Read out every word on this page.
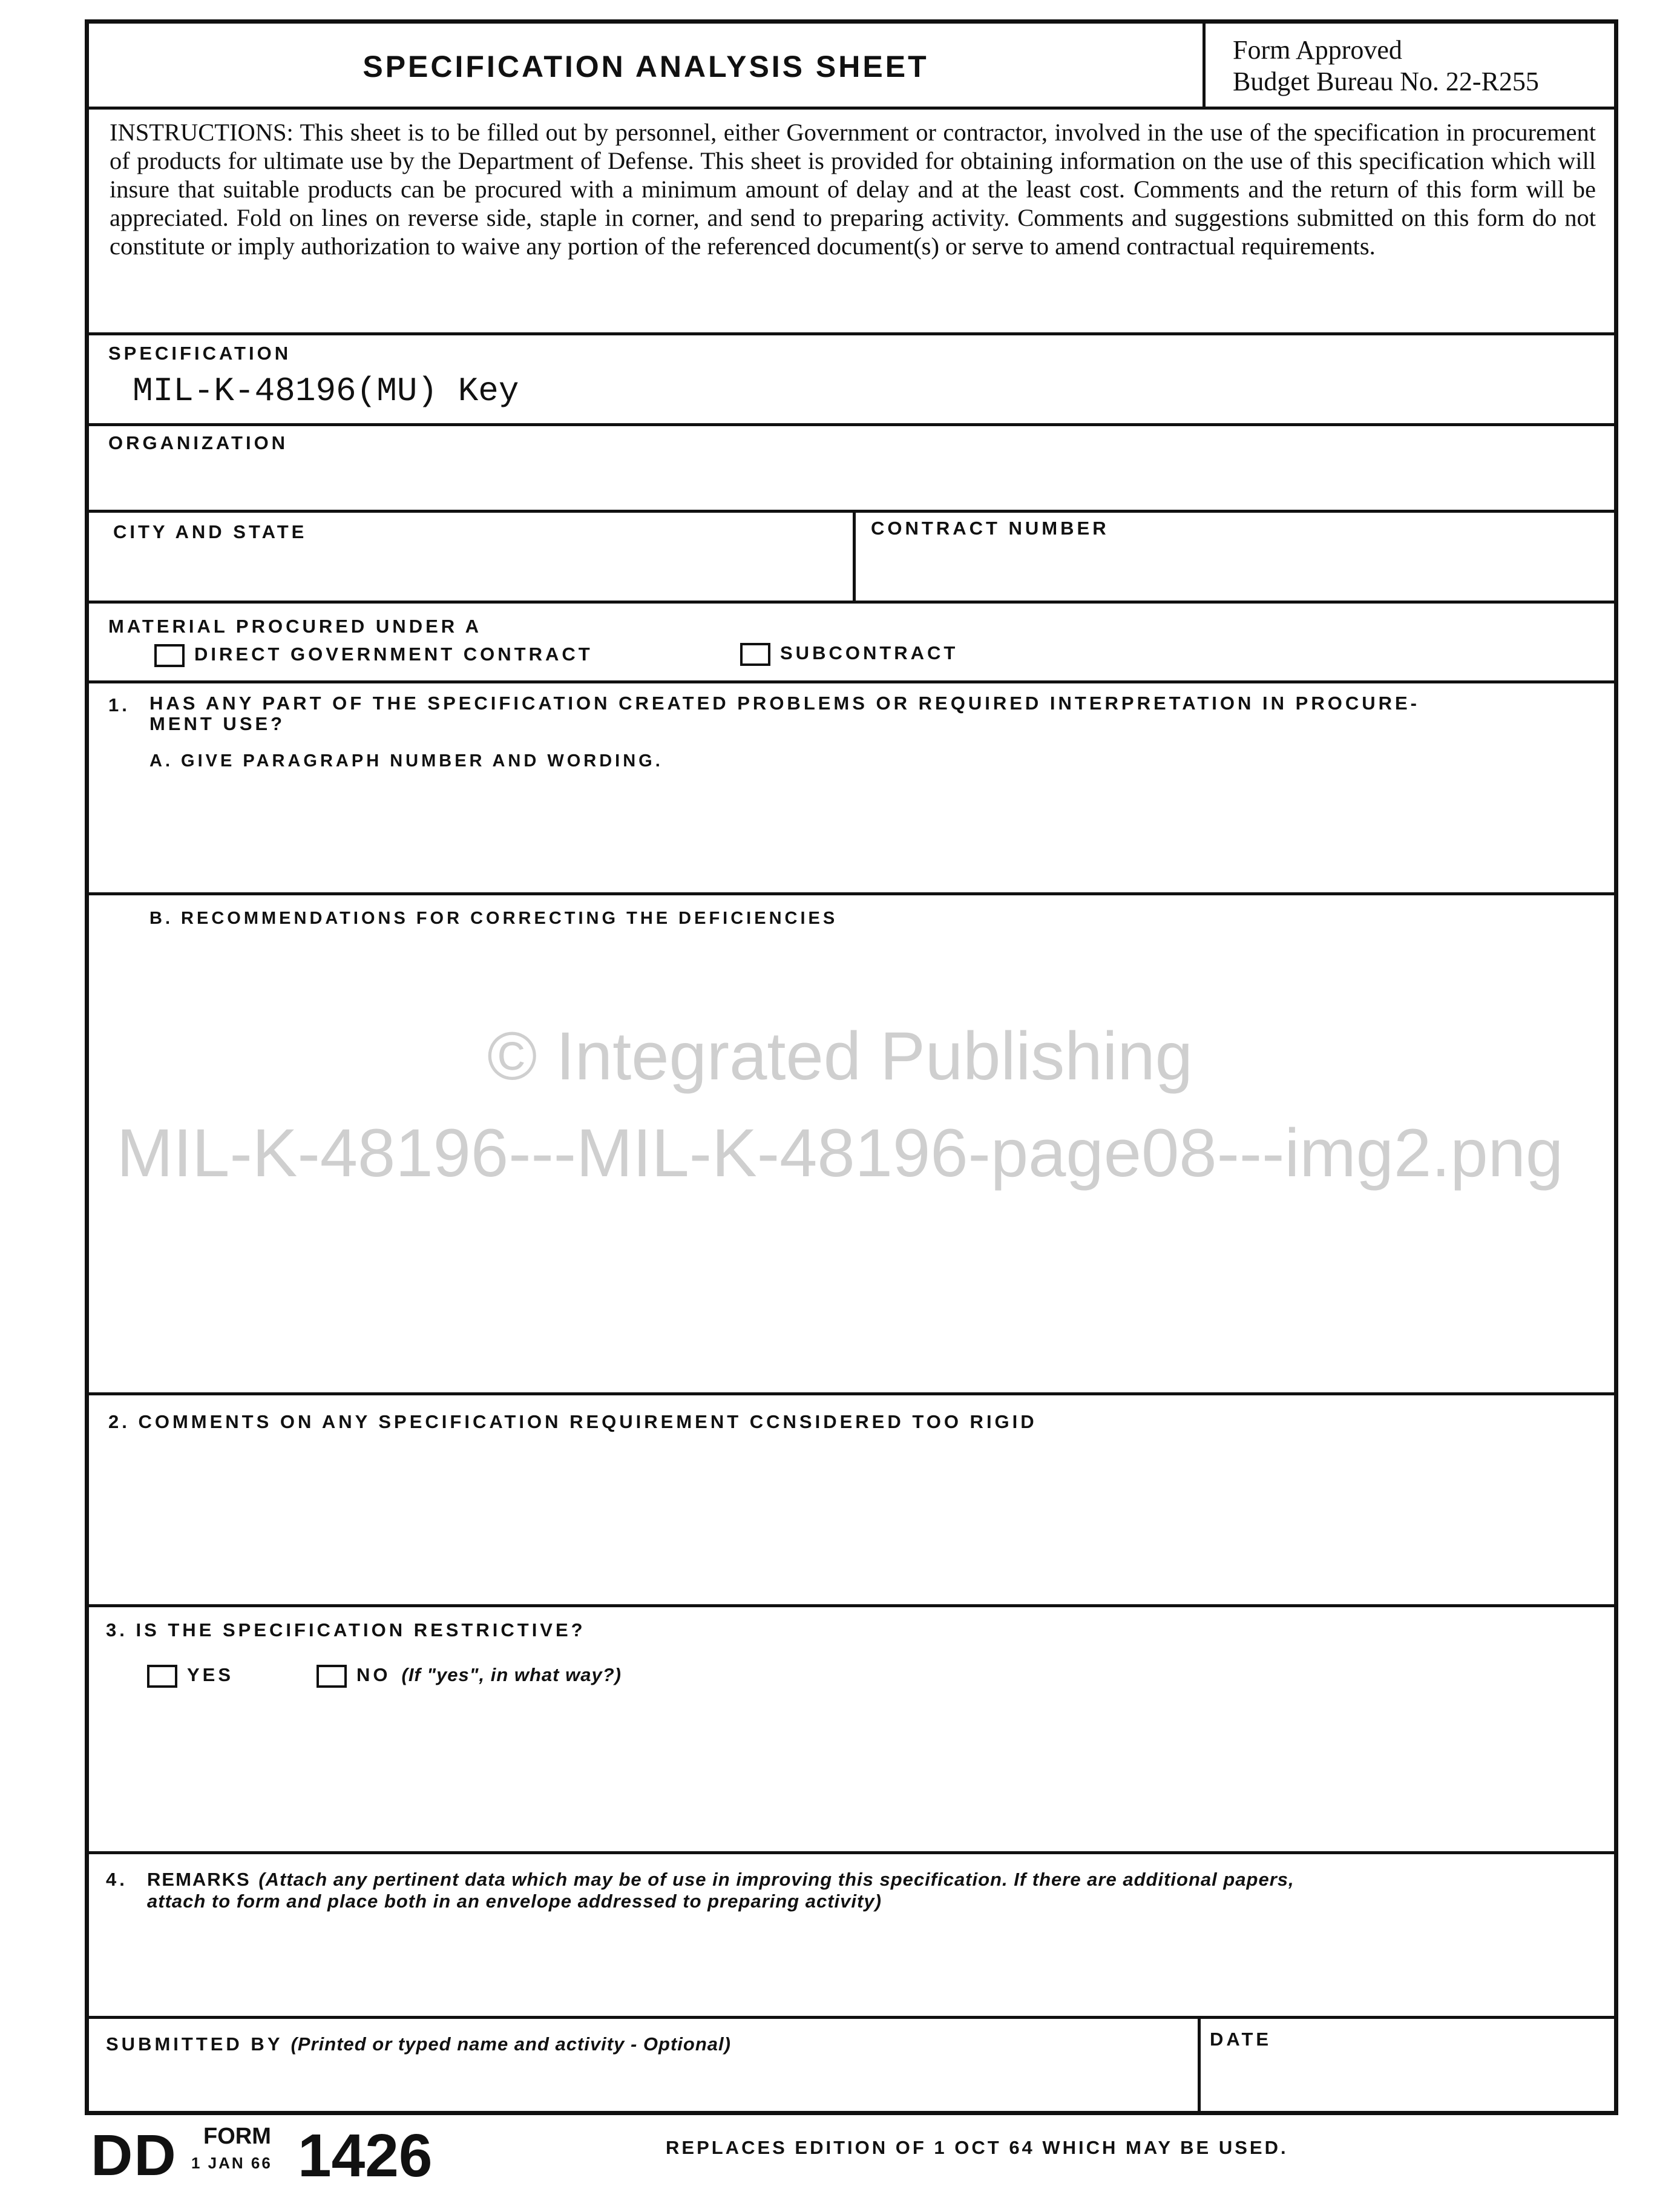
SPECIFICATION ANALYSIS SHEET	Form Approved
Budget Bureau No. 22-R255
INSTRUCTIONS: This sheet is to be filled out by personnel, either Government or contractor, involved in the use of the specification in procurement of products for ultimate use by the Department of Defense. This sheet is provided for obtaining information on the use of this specification which will insure that suitable products can be procured with a minimum amount of delay and at the least cost. Comments and the return of this form will be appreciated. Fold on lines on reverse side, staple in corner, and send to preparing activity. Comments and suggestions submitted on this form do not constitute or imply authorization to waive any portion of the referenced document(s) or serve to amend contractual requirements.
SPECIFICATION
MIL-K-48196(MU) Key
ORGANIZATION
CITY AND STATE	CONTRACT NUMBER
MATERIAL PROCURED UNDER A
DIRECT GOVERNMENT CONTRACT	SUBCONTRACT
1. HAS ANY PART OF THE SPECIFICATION CREATED PROBLEMS OR REQUIRED INTERPRETATION IN PROCURE-
MENT USE?
A. GIVE PARAGRAPH NUMBER AND WORDING.
B. RECOMMENDATIONS FOR CORRECTING THE DEFICIENCIES
2. COMMENTS ON ANY SPECIFICATION REQUIREMENT CCNSIDERED TOO RIGID
3. IS THE SPECIFICATION RESTRICTIVE?
YES	NO (If "yes", in what way?)
4. REMARKS (Attach any pertinent data which may be of use in improving this specification. If there are additional papers,
attach to form and place both in an envelope addressed to preparing activity)
SUBMITTED BY (Printed or typed name and activity - Optional)	DATE
DD FORM
1 JAN 66 1426	REPLACES EDITION OF 1 OCT 64 WHICH MAY BE USED.
© Integrated Publishing
MIL-K-48196---MIL-K-48196-page08---img2.png
